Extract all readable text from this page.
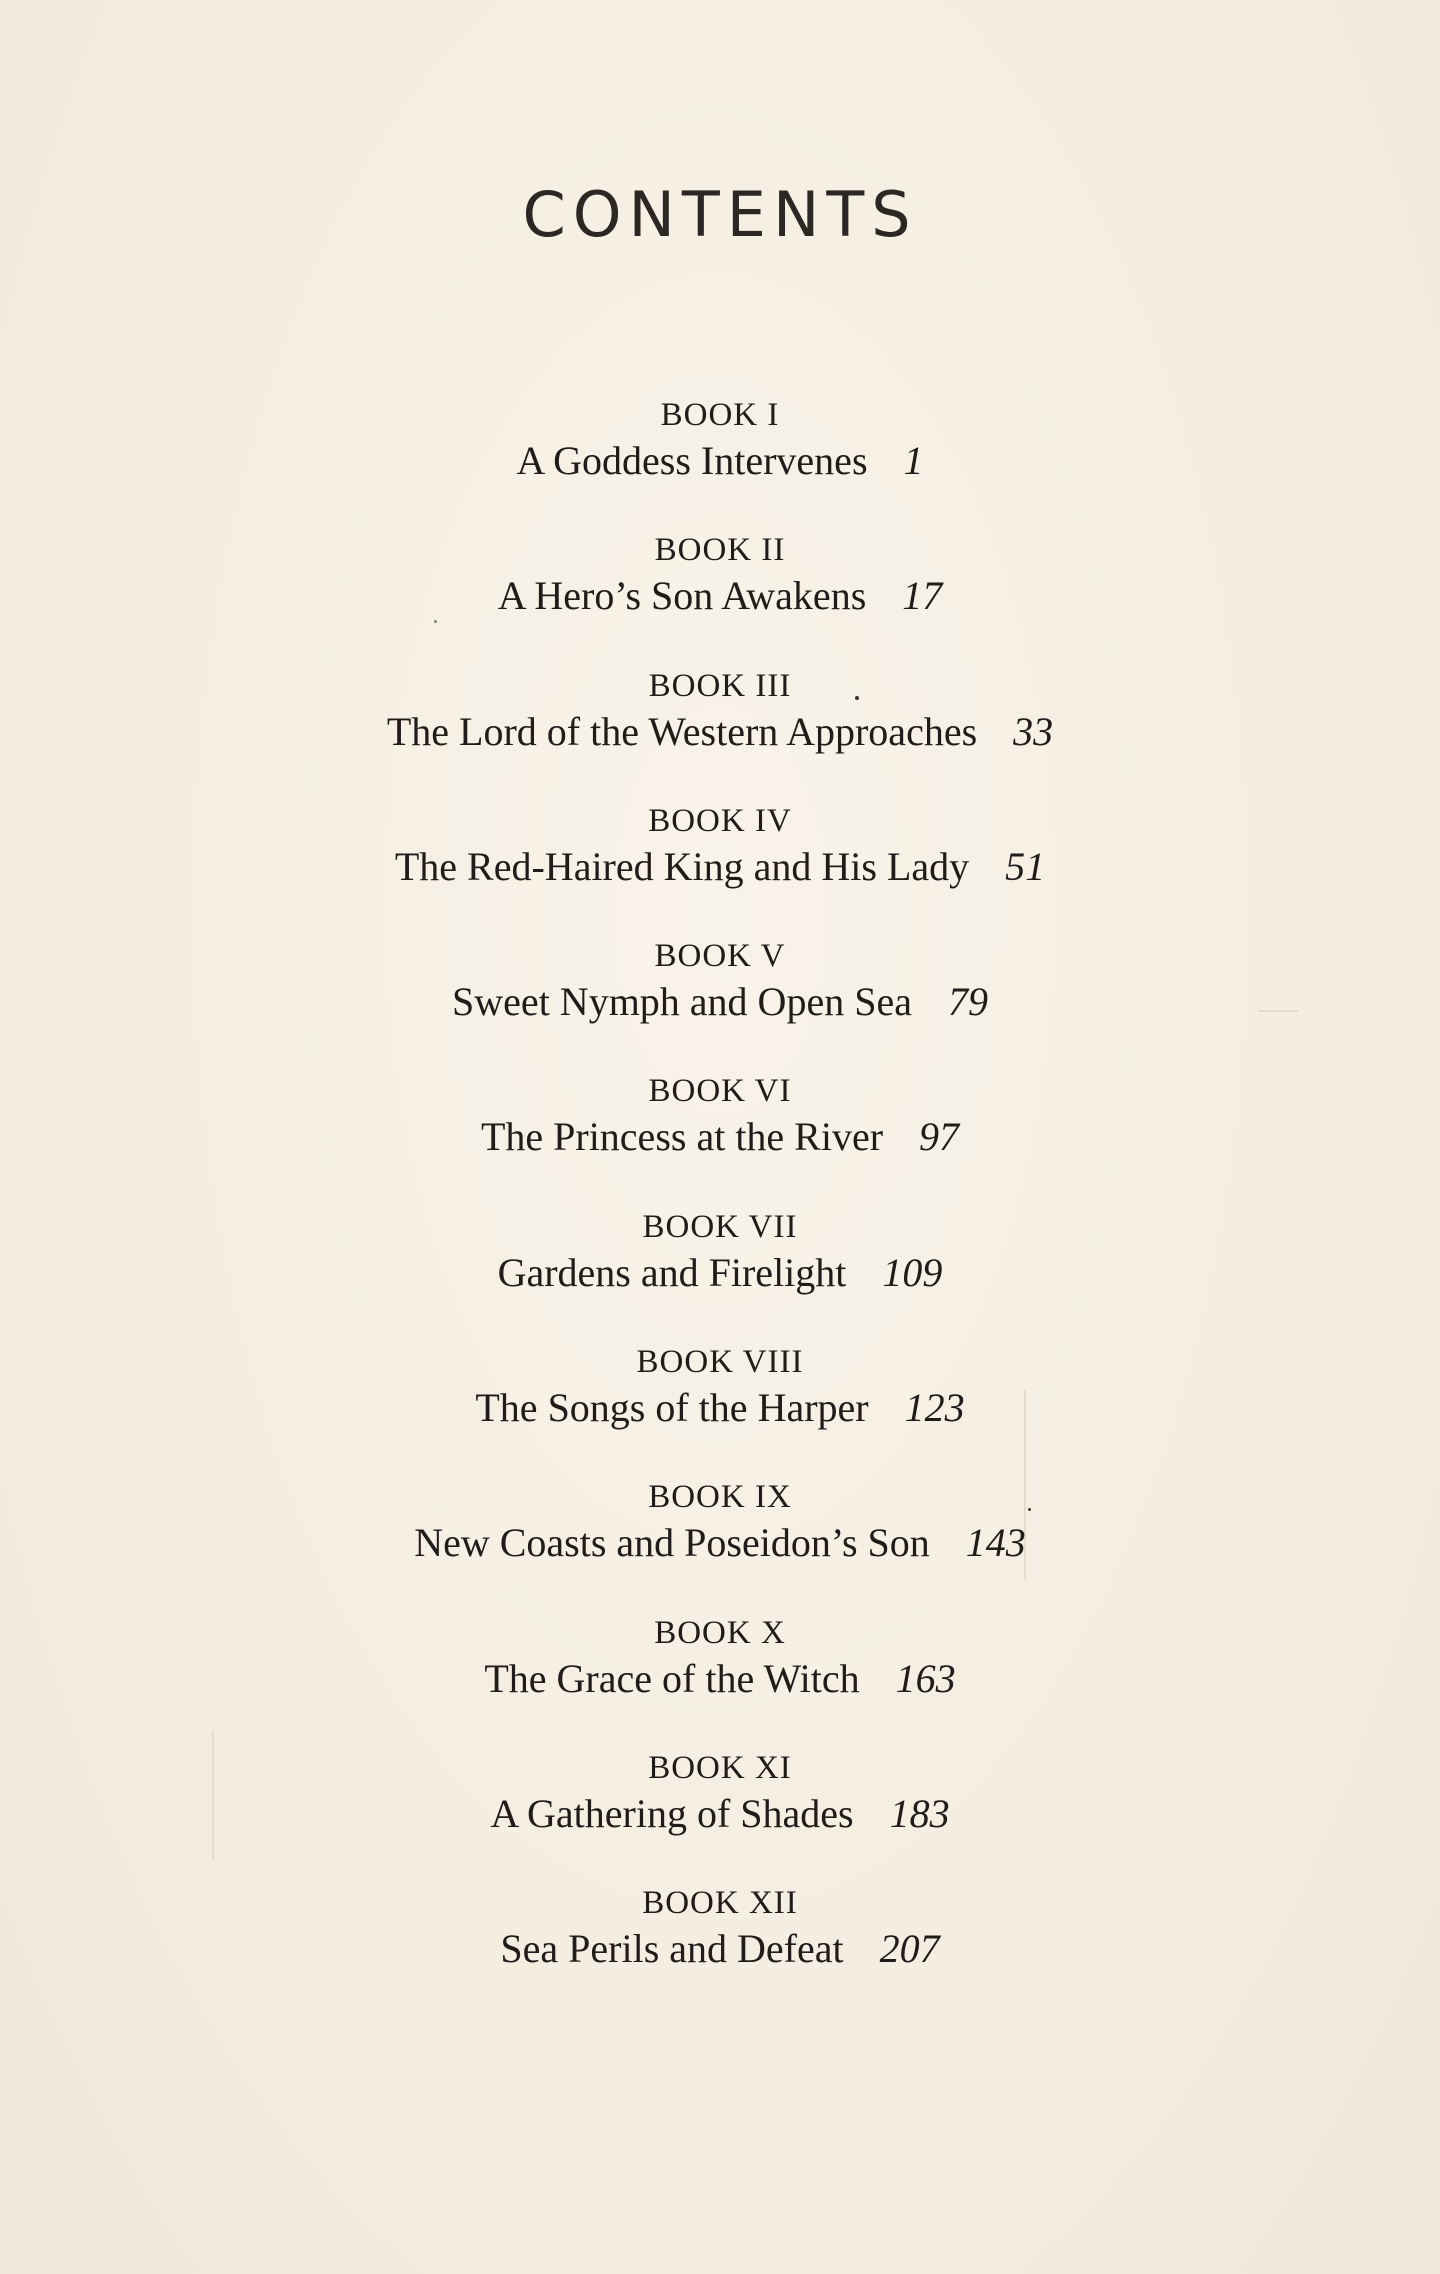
CONTENTS
BOOK I
A Goddess Intervenes 1
BOOK II
A Hero’s Son Awakens 17
BOOK III
The Lord of the Western Approaches 33
BOOK IV
The Red-Haired King and His Lady 51
BOOK V
Sweet Nymph and Open Sea 79
BOOK VI
The Princess at the River 97
BOOK VII
Gardens and Firelight 109
BOOK VIII
The Songs of the Harper 123
BOOK IX
New Coasts and Poseidon’s Son 143
BOOK X
The Grace of the Witch 163
BOOK XI
A Gathering of Shades 183
BOOK XII
Sea Perils and Defeat 207
